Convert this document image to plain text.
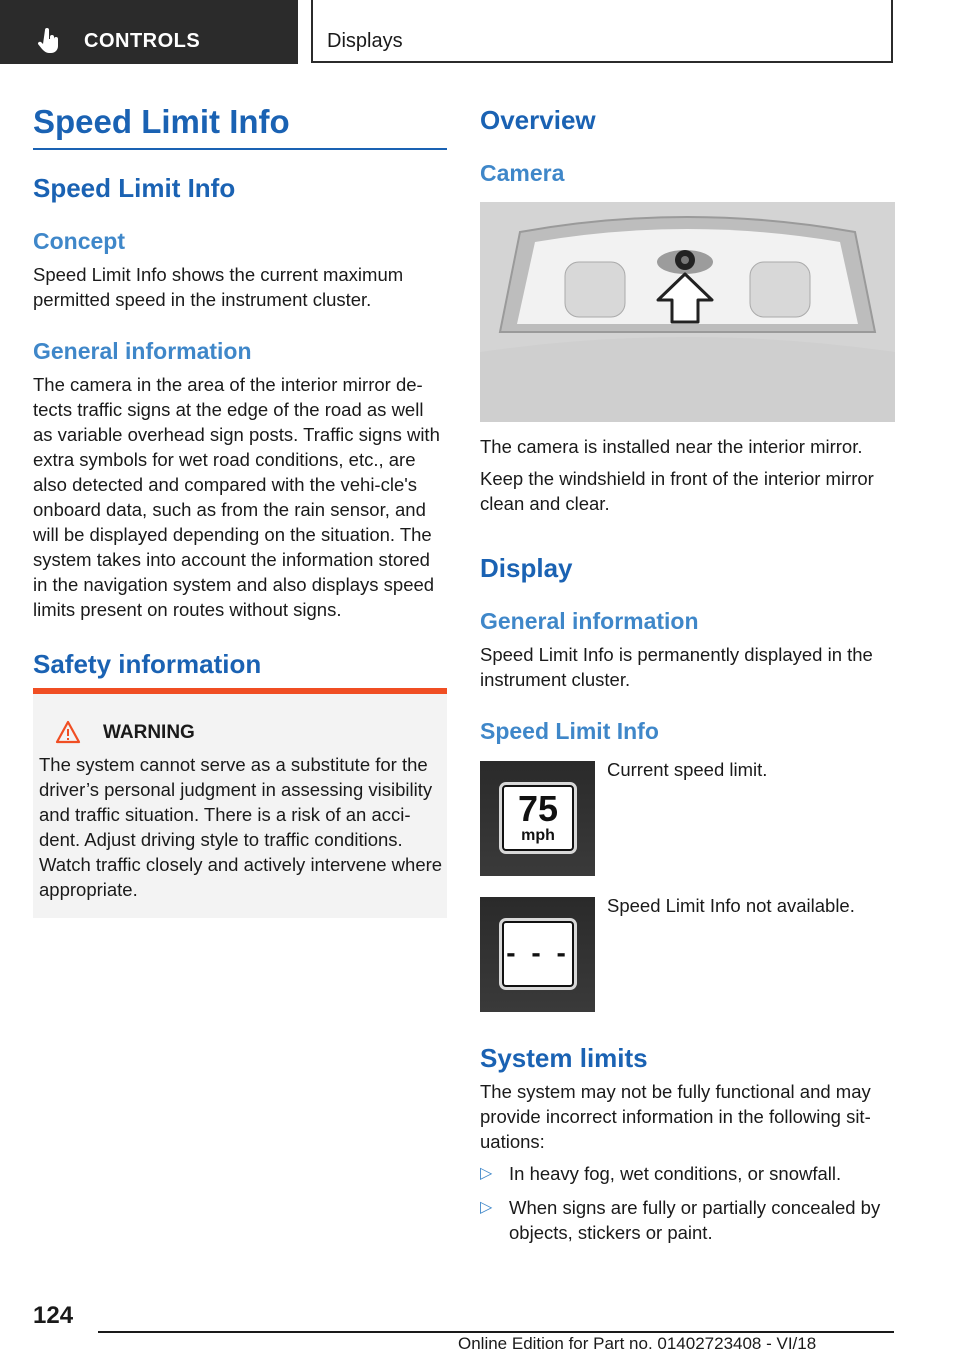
CONTROLS	Displays
Speed Limit Info
Speed Limit Info
Concept

Speed Limit Info shows the current maximum permitted speed in the instrument cluster.

General information

The camera in the area of the interior mirror de-tects traffic signs at the edge of the road as well as variable overhead sign posts. Traffic signs with extra symbols for wet road conditions, etc., are also detected and compared with the vehi-cle's onboard data, such as from the rain sensor, and will be displayed depending on the situation. The system takes into account the information stored in the navigation system and also displays speed limits present on routes without signs.

Safety information
WARNING
The system cannot serve as a substitute for the driver’s personal judgment in assessing visibility and traffic situation. There is a risk of an acci-dent. Adjust driving style to traffic conditions. Watch traffic closely and actively intervene where appropriate.
Overview
Camera

The camera is installed near the interior mirror.

Keep the windshield in front of the interior mirror clean and clear.

Display
General information

Speed Limit Info is permanently displayed in the instrument cluster.

Speed Limit Info
75
mph

Current speed limit.

- - -

Speed Limit Info not available.

System limits

The system may not be fully functional and may provide incorrect information in the following sit-uations:

▷ In heavy fog, wet conditions, or snowfall.
▷ When signs are fully or partially concealed by objects, stickers or paint.
124
Online Edition for Part no. 01402723408 - VI/18
